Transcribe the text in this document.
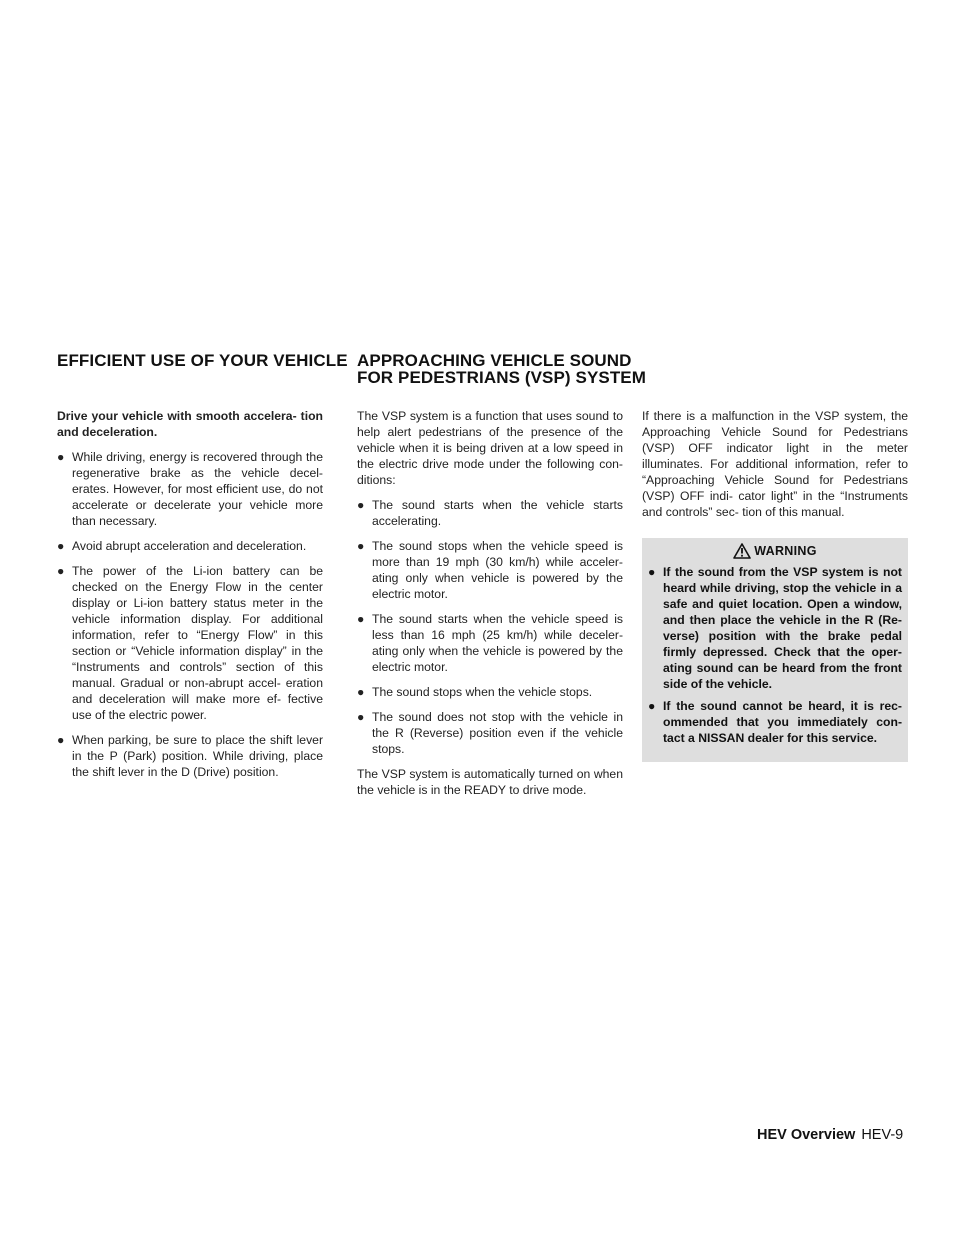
EFFICIENT USE OF YOUR VEHICLE APPROACHING VEHICLE SOUND
FOR PEDESTRIANS (VSP) SYSTEM

Drive your vehicle with smooth accelera- tion and deceleration.

● While driving, energy is recovered through the regenerative brake as the vehicle decel- erates. However, for most efficient use, do not accelerate or decelerate your vehicle more than necessary.
● Avoid abrupt acceleration and deceleration.
● The power of the Li-ion battery can be checked on the Energy Flow in the center display or Li-ion battery status meter in the vehicle information display. For additional information, refer to “Energy Flow” in this section or “Vehicle information display” in the “Instruments and controls” section of this manual. Gradual or non-abrupt accel- eration and deceleration will make more ef- fective use of the electric power.
● When parking, be sure to place the shift lever in the P (Park) position. While driving, place the shift lever in the D (Drive) position.

The VSP system is a function that uses sound to help alert pedestrians of the presence of the vehicle when it is being driven at a low speed in the electric drive mode under the following con- ditions:

● The sound starts when the vehicle starts accelerating.
● The sound stops when the vehicle speed is more than 19 mph (30 km/h) while acceler- ating only when vehicle is powered by the electric motor.
● The sound starts when the vehicle speed is less than 16 mph (25 km/h) while deceler- ating only when the vehicle is powered by the electric motor.
● The sound stops when the vehicle stops.
● The sound does not stop with the vehicle in the R (Reverse) position even if the vehicle stops.

The VSP system is automatically turned on when the vehicle is in the READY to drive mode.

If there is a malfunction in the VSP system, the Approaching Vehicle Sound for Pedestrians (VSP) OFF indicator light in the meter illuminates. For additional information, refer to “Approaching Vehicle Sound for Pedestrians (VSP) OFF indi- cator light” in the “Instruments and controls” sec- tion of this manual.

WARNING
● If the sound from the VSP system is not heard while driving, stop the vehicle in a safe and quiet location. Open a window, and then place the vehicle in the R (Re- verse) position with the brake pedal firmly depressed. Check that the oper- ating sound can be heard from the front side of the vehicle.
● If the sound cannot be heard, it is rec- ommended that you immediately con- tact a NISSAN dealer for this service.
HEV Overview HEV-9
